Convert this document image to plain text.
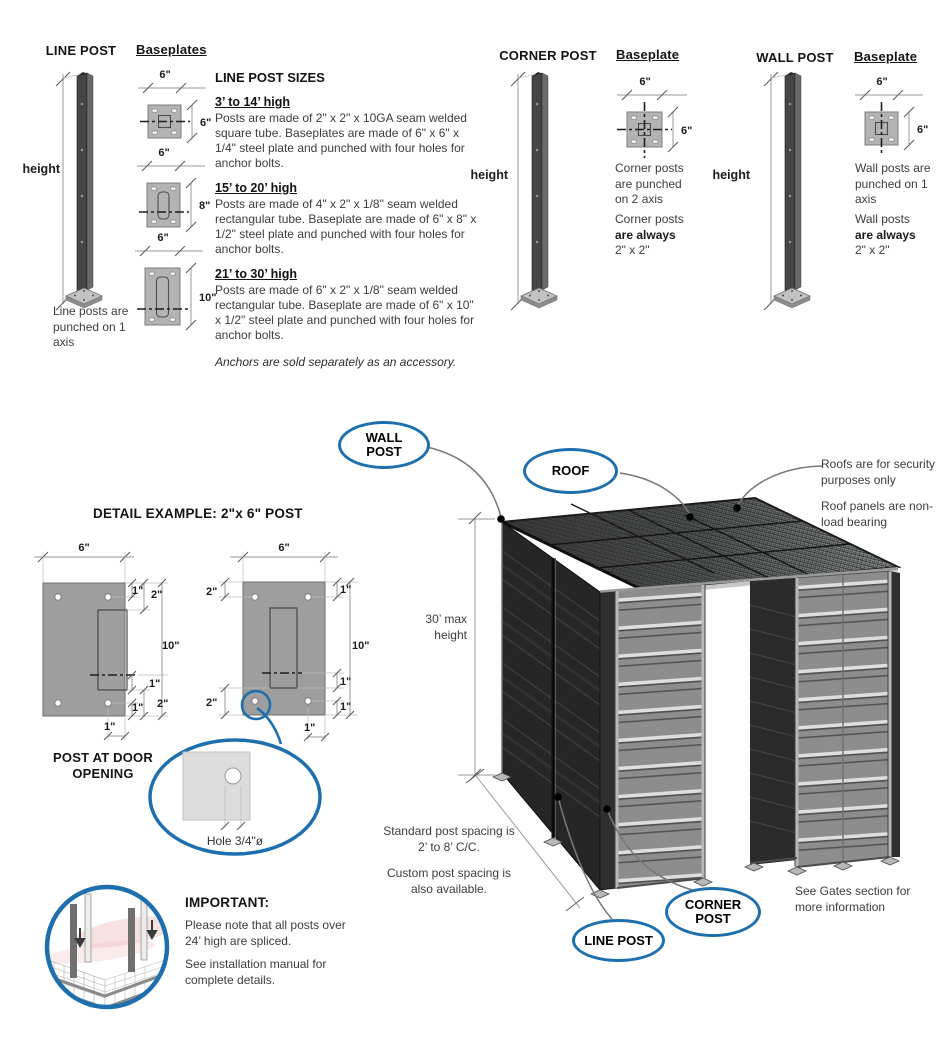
LINE POST
height
Line posts are punched on 1 axis
Baseplates
6"
6"
6"
8"
6"
10"
LINE POST SIZES
3’ to 14’ high

Posts are made of 2" x 2" x 10GA seam welded square tube. Baseplates are made of 6" x 6" x 1/4" steel plate and punched with four holes for anchor bolts.

15’ to 20’ high

Posts are made of 4" x 2" x 1/8" seam welded rectangular tube. Baseplate are made of 6" x 8" x 1/2" steel plate and punched with four holes for anchor bolts.

21’ to 30’ high

Posts are made of 6" x 2" x 1/8" seam welded rectangular tube. Baseplate are made of 6" x 10" x 1/2" steel plate and punched with four holes for anchor bolts.

Anchors are sold separately as an accessory.

CORNER POST
height
Baseplate
6"
6"
Corner posts are punched on 2 axis
Corner posts
are always
2" x 2"
WALL POST
height
Baseplate
6"
6"
Wall posts are punched on 1 axis
Wall posts
are always
2" x 2"
DETAIL EXAMPLE: 2"x 6" POST
6"
1" 2"
10"
1"
2"
1"
1"
6"
2"	1"
10"
1"
2"	1"
1"
POST AT DOOR OPENING
Hole 3/4"ø
IMPORTANT:

Please note that all posts over 24’ high are spliced.

See installation manual for complete details.

WALL POST
ROOF
LINE POST
CORNER POST
Roofs are for security purposes only
Roof panels are non-load bearing
30’ max height
Standard post spacing is 2’ to 8’ C/C.
Custom post spacing is also available.	See Gates section for more information
